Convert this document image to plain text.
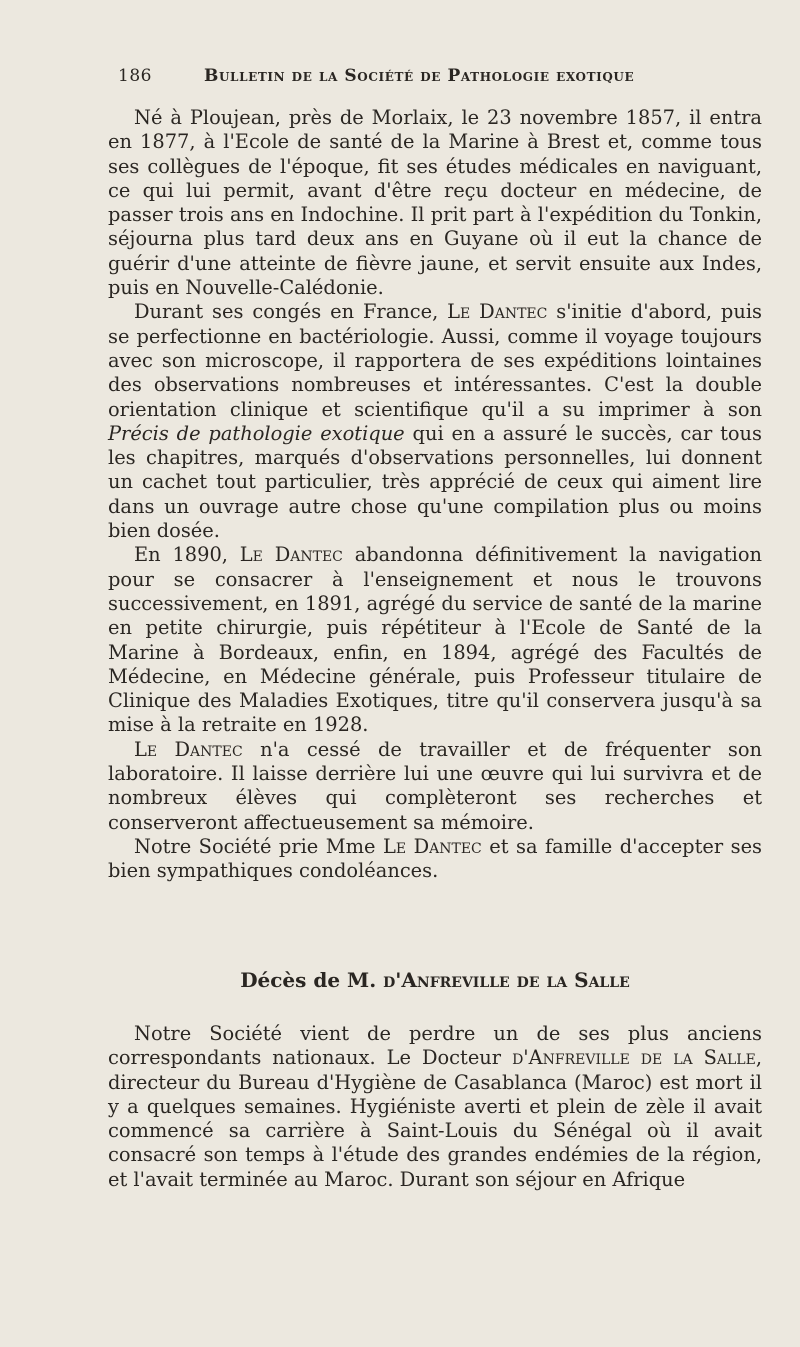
186	Bulletin de la Société de Pathologie exotique

Né à Ploujean, près de Morlaix, le 23 novembre 1857, il entra en 1877, à l'Ecole de santé de la Marine à Brest et, comme tous ses collègues de l'époque, fit ses études médicales en naviguant, ce qui lui permit, avant d'être reçu docteur en médecine, de passer trois ans en Indochine. Il prit part à l'expédition du Tonkin, séjourna plus tard deux ans en Guyane où il eut la chance de guérir d'une atteinte de fièvre jaune, et servit ensuite aux Indes, puis en Nouvelle-Calédonie.

Durant ses congés en France, Le Dantec s'initie d'abord, puis se perfectionne en bactériologie. Aussi, comme il voyage toujours avec son microscope, il rapportera de ses expéditions lointaines des observations nombreuses et intéressantes. C'est la double orientation clinique et scientifique qu'il a su imprimer à son Précis de pathologie exotique qui en a assuré le succès, car tous les chapitres, marqués d'observations personnelles, lui donnent un cachet tout particulier, très apprécié de ceux qui aiment lire dans un ouvrage autre chose qu'une compilation plus ou moins bien dosée.

En 1890, Le Dantec abandonna définitivement la navigation pour se consacrer à l'enseignement et nous le trouvons successivement, en 1891, agrégé du service de santé de la marine en petite chirurgie, puis répétiteur à l'Ecole de Santé de la Marine à Bordeaux, enfin, en 1894, agrégé des Facultés de Médecine, en Médecine générale, puis Professeur titulaire de Clinique des Maladies Exotiques, titre qu'il conservera jusqu'à sa mise à la retraite en 1928.

Le Dantec n'a cessé de travailler et de fréquenter son laboratoire. Il laisse derrière lui une œuvre qui lui survivra et de nombreux élèves qui complèteront ses recherches et conserveront affectueusement sa mémoire.

Notre Société prie Mme Le Dantec et sa famille d'accepter ses bien sympathiques condoléances.

Décès de M. d'Anfreville de la Salle

Notre Société vient de perdre un de ses plus anciens correspondants nationaux. Le Docteur d'Anfreville de la Salle, directeur du Bureau d'Hygiène de Casablanca (Maroc) est mort il y a quelques semaines. Hygiéniste averti et plein de zèle il avait commencé sa carrière à Saint-Louis du Sénégal où il avait consacré son temps à l'étude des grandes endémies de la région, et l'avait terminée au Maroc. Durant son séjour en Afrique
